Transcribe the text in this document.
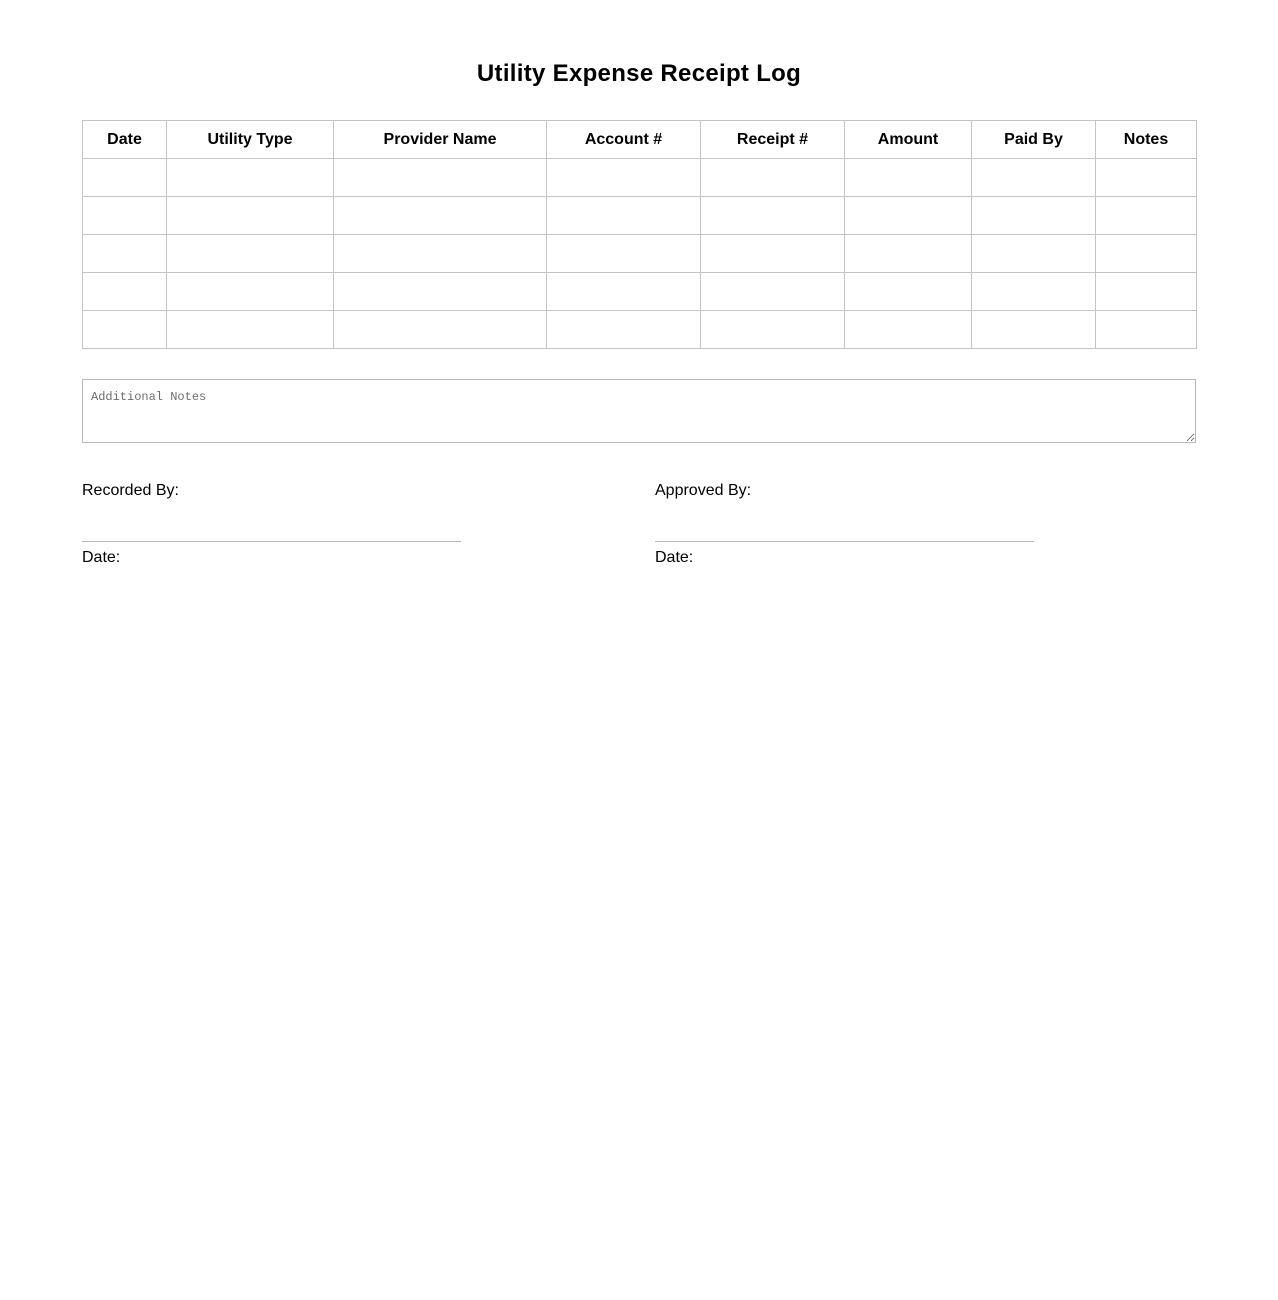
Utility Expense Receipt Log
Date	Utility Type	Provider Name	Account #	Receipt #	Amount	Paid By	Notes

Additional Notes
Recorded By:
Date:
Approved By:
Date:
